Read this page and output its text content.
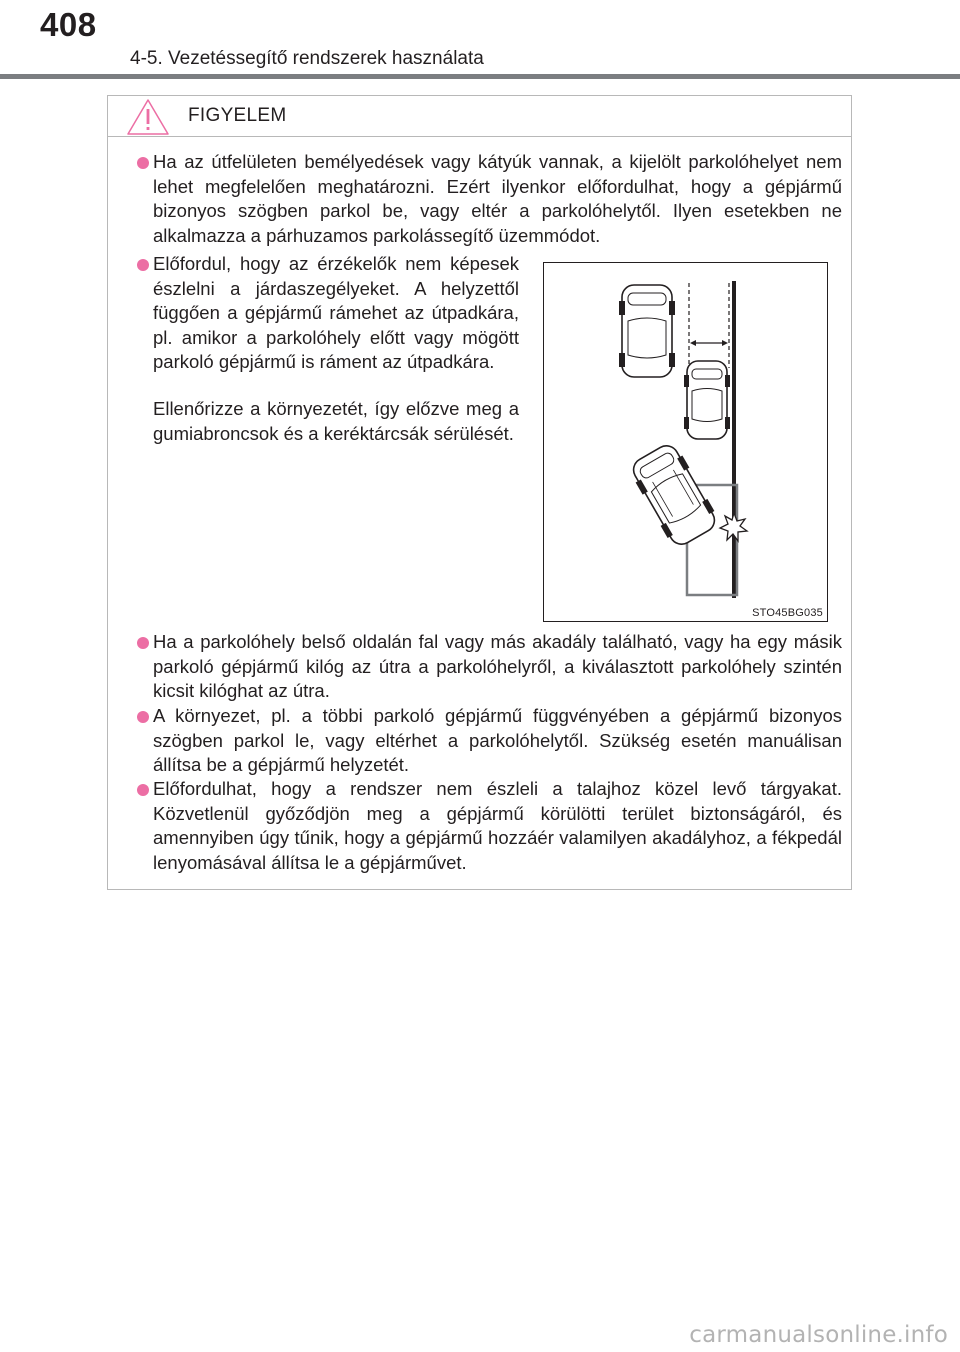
408
4-5. Vezetéssegítő rendszerek használata
FIGYELEM
Ha az útfelületen bemélyedések vagy kátyúk vannak, a kijelölt parkolóhelyet nem lehet megfelelően meghatározni. Ezért ilyenkor előfordulhat, hogy a gépjármű bizonyos szögben parkol be, vagy eltér a parkolóhelytől. Ilyen esetekben ne alkalmazza a párhuzamos parkolássegítő üzemmódot.
Előfordul, hogy az érzékelők nem képesek észlelni a járdaszegélyeket. A helyzettől függően a gépjármű rámehet az útpadkára, pl. amikor a parkolóhely előtt vagy mögött parkoló gépjármű is ráment az útpadkára.
Ellenőrizze a környezetét, így előzve meg a gumiabroncsok és a keréktárcsák sérülését.
STO45BG035
Ha a parkolóhely belső oldalán fal vagy más akadály található, vagy ha egy másik parkoló gépjármű kilóg az útra a parkolóhelyről, a kiválasztott parkolóhely szintén kicsit kilóghat az útra.
A környezet, pl. a többi parkoló gépjármű függvényében a gépjármű bizonyos szögben parkol le, vagy eltérhet a parkolóhelytől. Szükség esetén manuálisan állítsa be a gépjármű helyzetét.
Előfordulhat, hogy a rendszer nem észleli a talajhoz közel levő tárgyakat. Közvetlenül győződjön meg a gépjármű körülötti terület biztonságáról, és amennyiben úgy tűnik, hogy a gépjármű hozzáér valamilyen akadályhoz, a fékpedál lenyomásával állítsa le a gépjárművet.
carmanualsonline.info
